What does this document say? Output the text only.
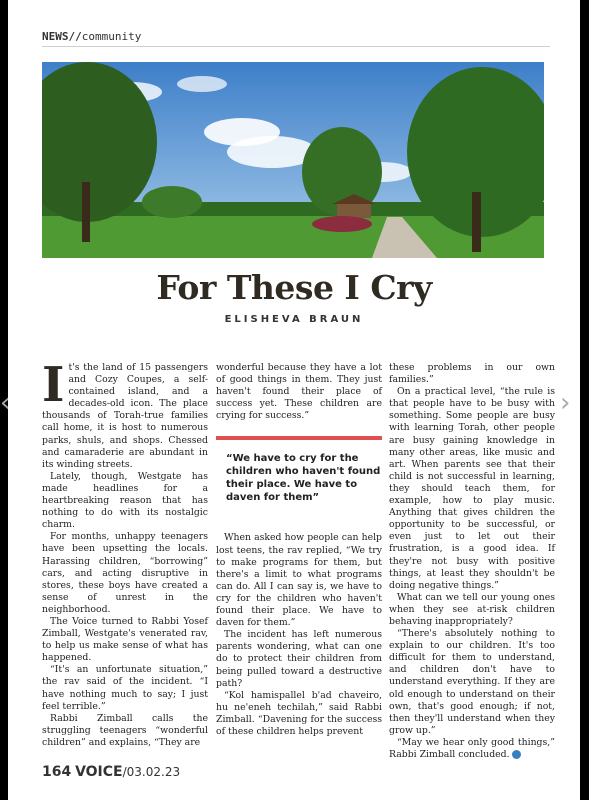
NEWS//community
For These I Cry
ELISHEVA BRAUN

It's the land of 15 passengers and Cozy Coupes, a self-contained island, and a decades-old icon. The place thousands of Torah-true families call home, it is host to numerous parks, shuls, and shops. Chessed and camaraderie are abundant in its winding streets.

Lately, though, Westgate has made headlines for a heartbreaking reason that has nothing to do with its nostalgic charm.

For months, unhappy teenagers have been upsetting the locals. Harassing children, “borrowing” cars, and acting disruptive in stores, these boys have created a sense of unrest in the neighborhood.

The Voice turned to Rabbi Yosef Zimball, Westgate's venerated rav, to help us make sense of what has happened.

“It's an unfortunate situation,” the rav said of the incident. “I have nothing much to say; I just feel terrible.”

Rabbi Zimball calls the struggling teenagers “wonderful children” and explains, “They are

wonderful because they have a lot of good things in them. They just haven't found their place of success yet. These children are crying for success.”

“We have to cry for the children who haven't found their place. We have to daven for them”

When asked how people can help lost teens, the rav replied, “We try to make programs for them, but there's a limit to what programs can do. All I can say is, we have to cry for the children who haven't found their place. We have to daven for them.”

The incident has left numerous parents wondering, what can one do to protect their children from being pulled toward a destructive path?

“Kol hamispallel b'ad chaveiro, hu ne'eneh techilah,” said Rabbi Zimball. “Davening for the success of these children helps prevent

these problems in our own families.”

On a practical level, “the rule is that people have to be busy with something. Some people are busy with learning Torah, other people are busy gaining knowledge in many other areas, like music and art. When parents see that their child is not successful in learning, they should teach them, for example, how to play music. Anything that gives children the opportunity to be successful, or even just to let out their frustration, is a good idea. If they're not busy with positive things, at least they shouldn't be doing negative things.”

What can we tell our young ones when they see at-risk children behaving inappropriately?

“There's absolutely nothing to explain to our children. It's too difficult for them to understand, and children don't have to understand everything. If they are old enough to understand on their own, that's good enough; if not, then they'll understand when they grow up.”

“May we hear only good things,” Rabbi Zimball concluded.

164 VOICE/03.02.23
‹	›
